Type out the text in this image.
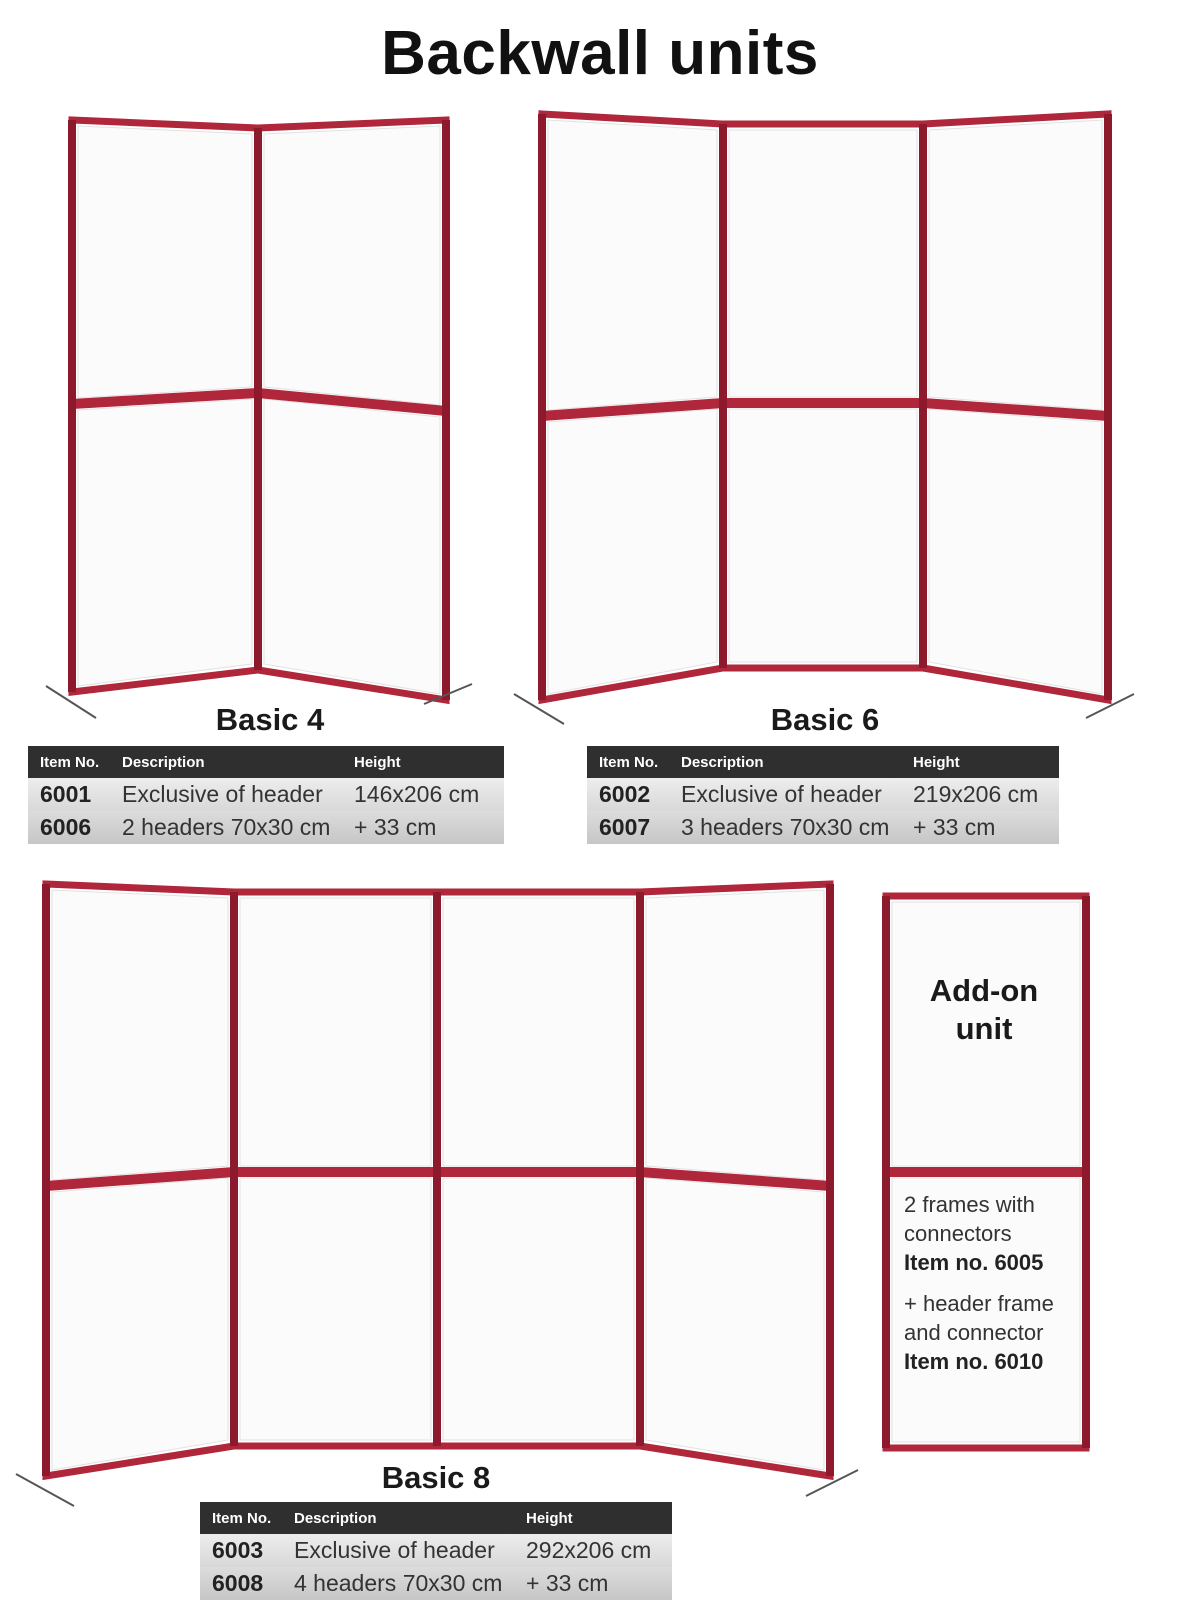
Backwall units
Basic 4
Item No.	Description	Height
6001	Exclusive of header	146x206 cm
6006	2 headers 70x30 cm	+ 33 cm
Basic 6
Item No.	Description	Height
6002	Exclusive of header	219x206 cm
6007	3 headers 70x30 cm	+ 33 cm
Basic 8
Item No.	Description	Height
6003	Exclusive of header	292x206 cm
6008	4 headers 70x30 cm	+ 33 cm
Add-on
unit
2 frames with
connectors
Item no. 6005
+ header frame
and connector
Item no. 6010
